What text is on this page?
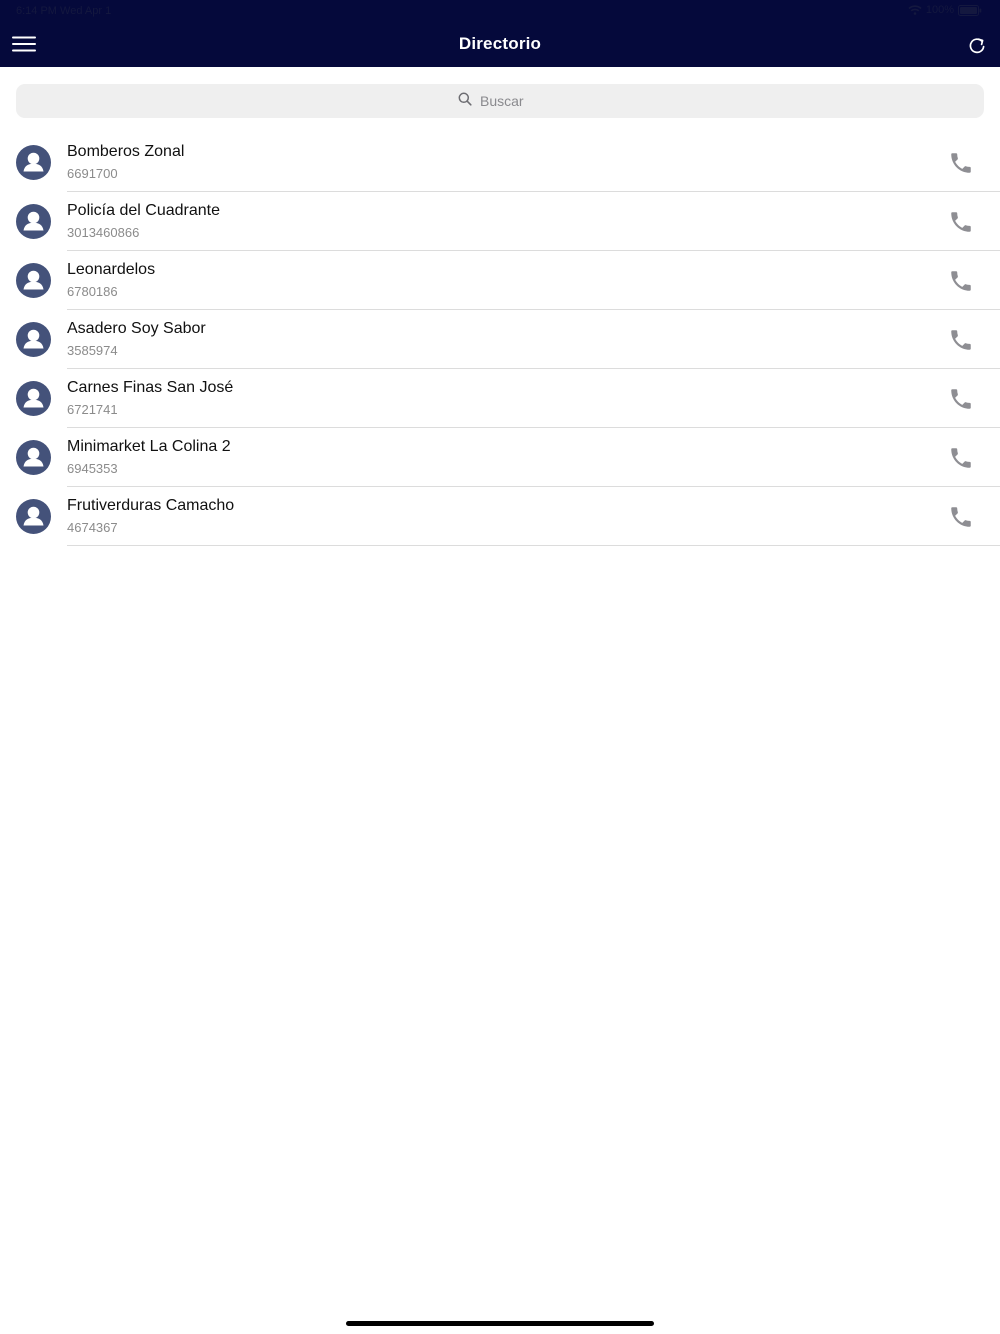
6:14 PM Wed Apr 1	100%
Directorio
Buscar
Bomberos Zonal
6691700
Policía del Cuadrante
3013460866
Leonardelos
6780186
Asadero Soy Sabor
3585974
Carnes Finas San José
6721741
Minimarket La Colina 2
6945353
Frutiverduras Camacho
4674367
